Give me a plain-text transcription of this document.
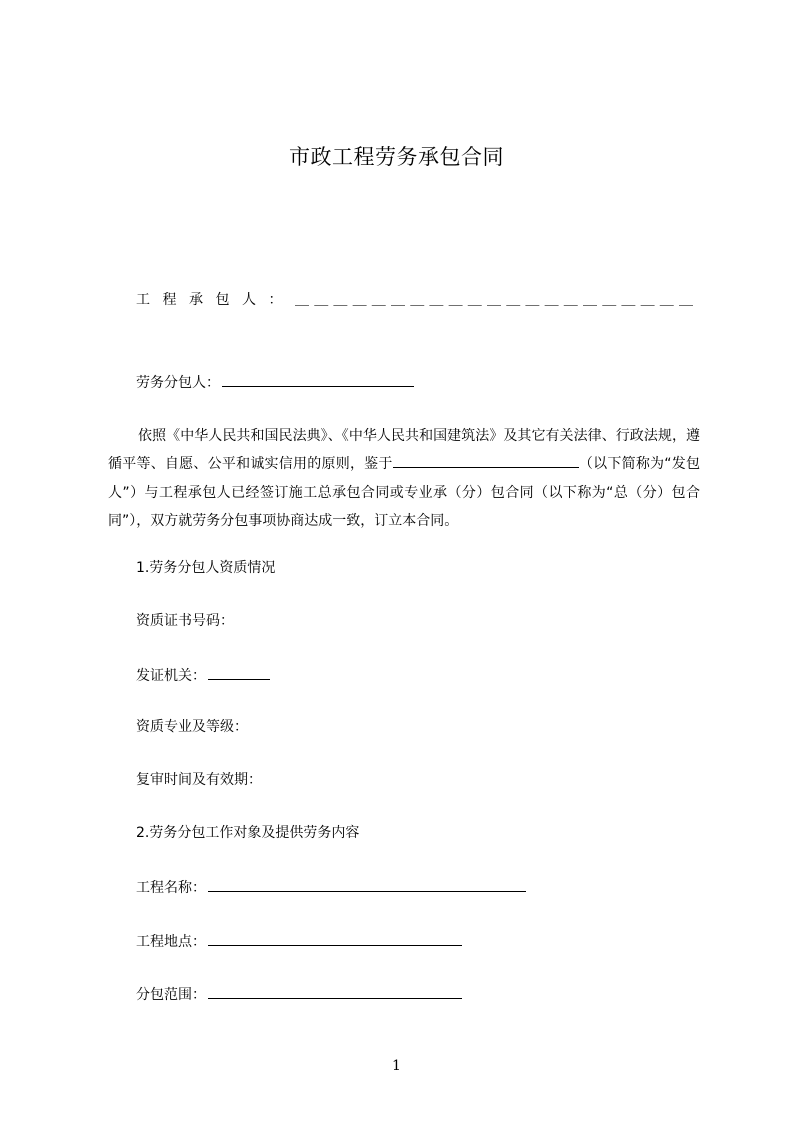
市政工程劳务承包合同
工程承包人：＿＿＿＿＿＿＿＿＿＿＿＿＿＿＿＿＿＿＿＿＿
劳务分包人：
依照《中华人民共和国民法典》、《中华人民共和国建筑法》及其它有关法律、行政法规，遵循平等、自愿、公平和诚实信用的原则，鉴于	（以下简称为“发包人”）与工程承包人已经签订施工总承包合同或专业承（分）包合同（以下称为“总（分）包合同”），双方就劳务分包事项协商达成一致，订立本合同。
1.劳务分包人资质情况
资质证书号码：
发证机关：
资质专业及等级：
复审时间及有效期：
2.劳务分包工作对象及提供劳务内容
工程名称：
工程地点：
分包范围：
1
